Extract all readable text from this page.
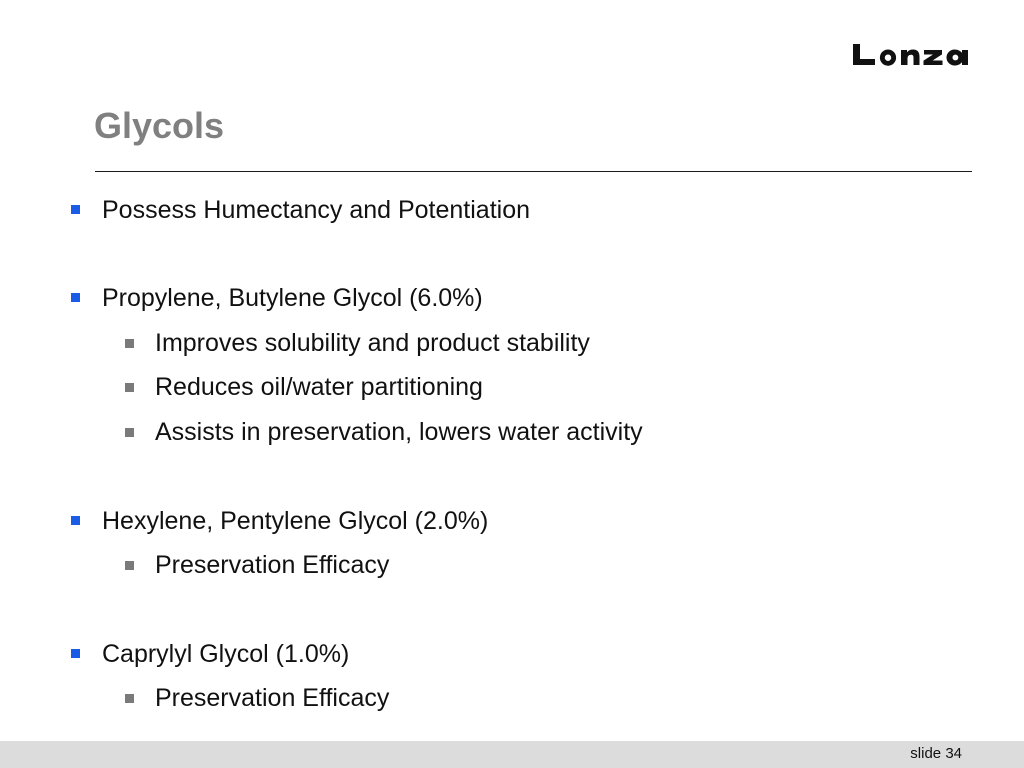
Glycols
Possess Humectancy and Potentiation
Propylene, Butylene Glycol (6.0%)
Improves solubility and product stability
Reduces oil/water partitioning
Assists in preservation, lowers water activity
Hexylene, Pentylene Glycol (2.0%)
Preservation Efficacy
Caprylyl Glycol (1.0%)
Preservation Efficacy
slide 34
